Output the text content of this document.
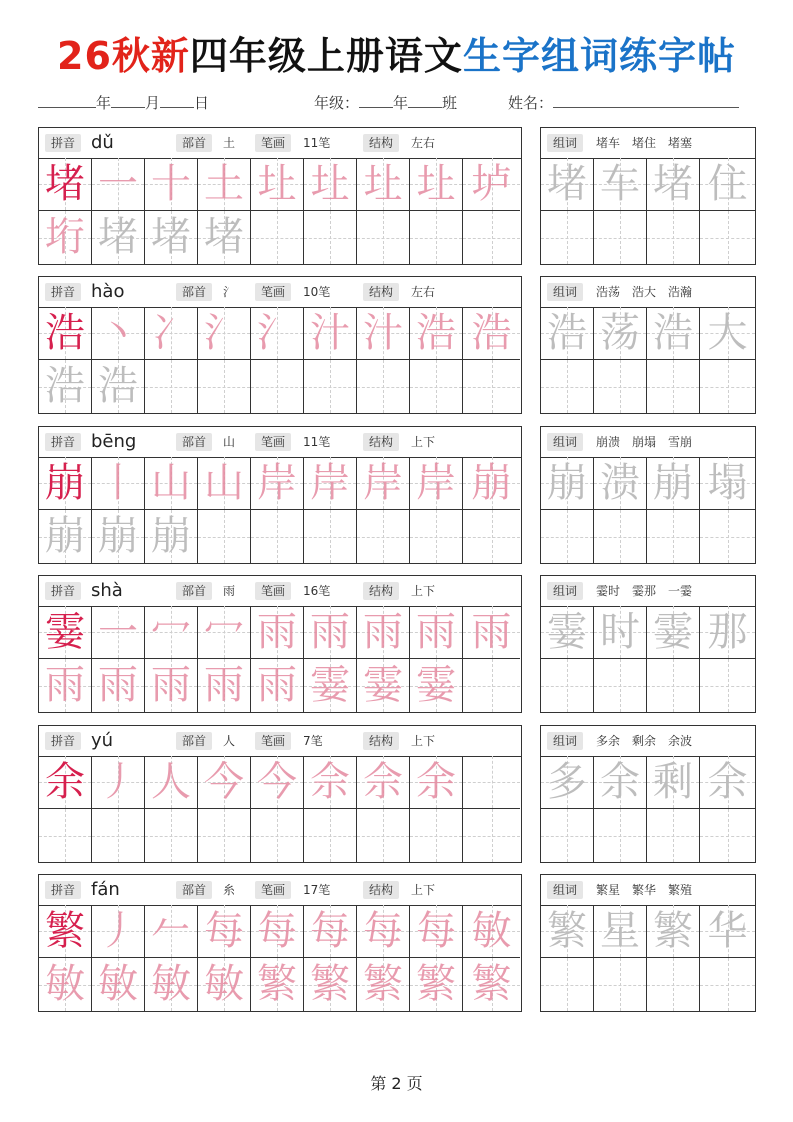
26秋新四年级上册语文生字组词练字帖
年 月 日	年级： 年 班	姓名：
拼音 dǔ	部首	土	笔画	11笔	结构	左右
堵 一 十 土 圵 圵 圵 圵 垆
垳 堵 堵 堵
组词	堵车　堵住　堵塞
堵 车 堵 住
拼音 hào	部首	氵	笔画	10笔	结构	左右
浩 丶 冫 氵 氵 汁 汁 浩 浩
浩 浩
组词	浩荡　浩大　浩瀚
浩 荡 浩 大
拼音 bēng	部首	山	笔画	11笔	结构	上下
崩 丨 山 山 岸 岸 岸 岸 崩
崩 崩 崩
组词	崩溃　崩塌　雪崩
崩 溃 崩 塌
拼音 shà	部首	雨	笔画	16笔	结构	上下
霎 一 冖 冖 雨 雨 雨 雨 雨
雨 雨 雨 雨 雨 霎 霎 霎
组词	霎时　霎那　一霎
霎 时 霎 那
拼音 yú	部首	人	笔画	7笔	结构	上下
余 丿 人 今 今 佘 佘 余
组词	多余　剩余　余波
多 余 剩 余
拼音 fán	部首	糸	笔画	17笔	结构	上下
繁 丿 𠂉 每 每 每 每 每 敏
敏 敏 敏 敏 繁 繁 繁 繁 繁
组词	繁星　繁华　繁殖
繁 星 繁 华
第 2 页
